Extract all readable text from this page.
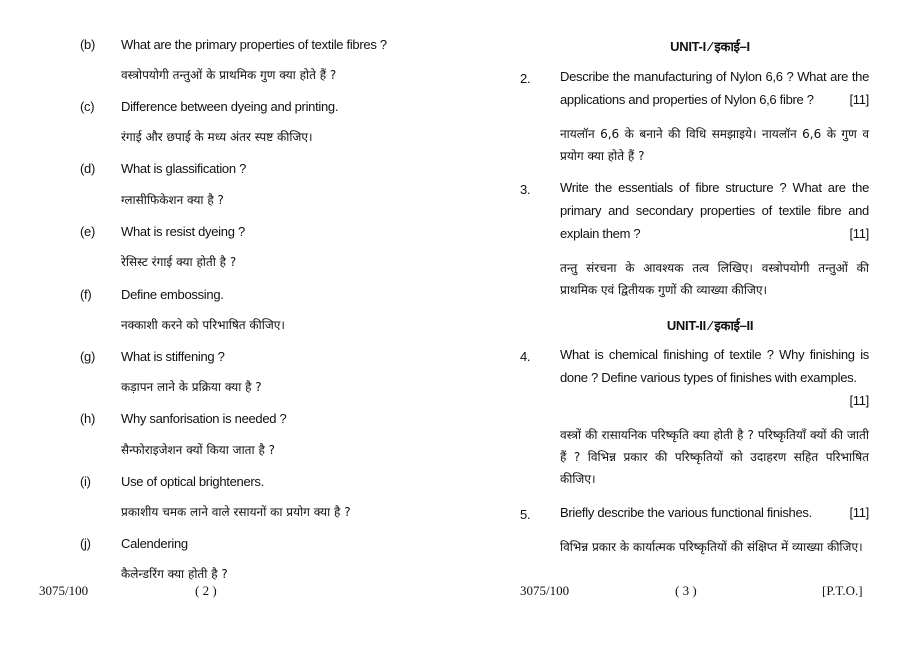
(b) What are the primary properties of textile fibres ?
वस्त्रोपयोगी तन्तुओं के प्राथमिक गुण क्या होते हैं ?
(c) Difference between dyeing and printing.
रंगाई और छपाई के मध्य अंतर स्पष्ट कीजिए।
(d) What is glassification ?
ग्लासीफिकेशन क्या है ?
(e) What is resist dyeing ?
रेसिस्ट रंगाई क्या होती है ?
(f) Define embossing.
नक्काशी करने को परिभाषित कीजिए।
(g) What is stiffening ?
कड़ापन लाने के प्रक्रिया क्या है ?
(h) Why sanforisation is needed ?
सैन्फोराइजेशन क्यों किया जाता है ?
(i) Use of optical brighteners.
प्रकाशीय चमक लाने वाले रसायनों का प्रयोग क्या है ?
(j) Calendering
कैलेन्डरिंग क्या होती है ?
3075/100	( 2 )
UNIT-I ⁄ इकाई–I
2. Describe the manufacturing of Nylon 6,6 ? What are the applications and properties of Nylon 6,6 fibre ?	[11]
नायलॉन 6,6 के बनाने की विधि समझाइये। नायलॉन 6,6 के गुण व प्रयोग क्या होते हैं ?
3. Write the essentials of fibre structure ? What are the primary and secondary properties of textile fibre and explain them ?	[11]
तन्तु संरचना के आवश्यक तत्व लिखिए। वस्त्रोपयोगी तन्तुओं की प्राथमिक एवं द्वितीयक गुणों की व्याख्या कीजिए।
UNIT-II ⁄ इकाई–II
4. What is chemical finishing of textile ? Why finishing is done ? Define various types of finishes with examples.
[11]
वस्त्रों की रासायनिक परिष्कृति क्या होती है ? परिष्कृतियाँ क्यों की जाती हैं ? विभिन्न प्रकार की परिष्कृतियों को उदाहरण सहित परिभाषित कीजिए।
5. Briefly describe the various functional finishes.	[11]
विभिन्न प्रकार के कार्यात्मक परिष्कृतियों की संक्षिप्त में व्याख्या कीजिए।
3075/100	( 3 )	[P.T.O.]
